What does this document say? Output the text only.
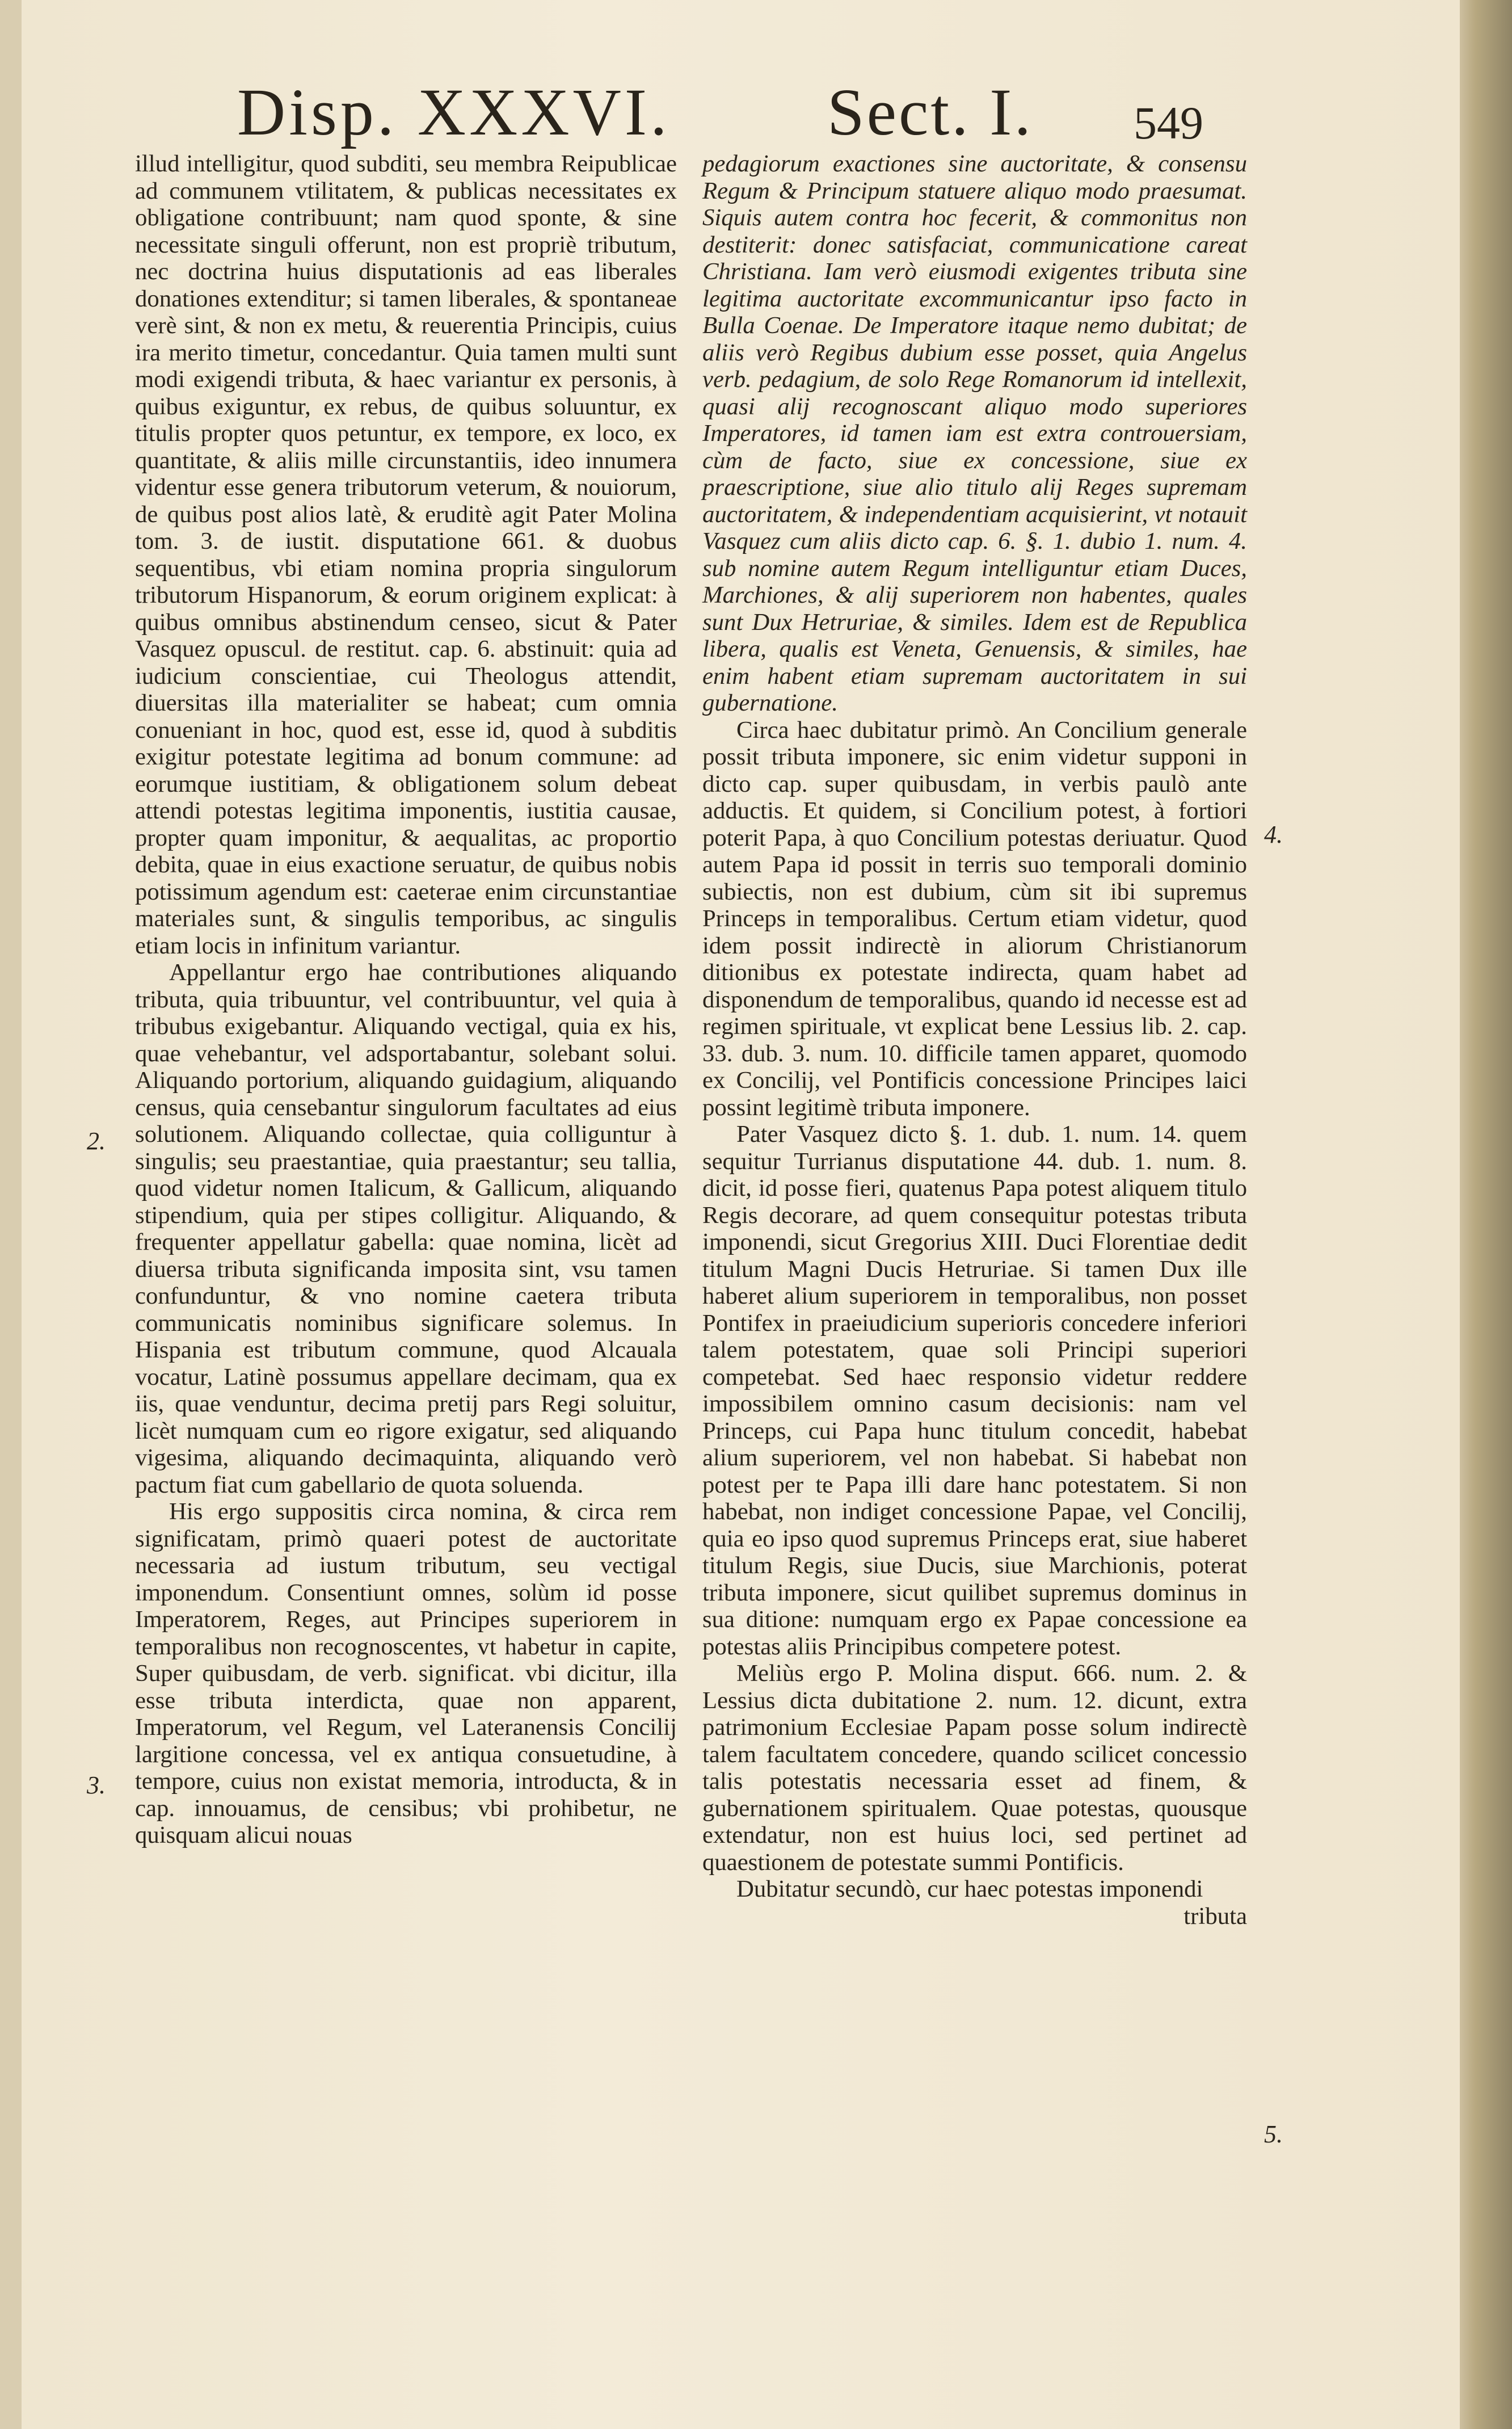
Disp. XXXVI. Sect. I. 549

illud intelligitur, quod subditi, seu membra Reipublicae ad communem vtilitatem, & publicas necessitates ex obligatione contribuunt; nam quod sponte, & sine necessitate singuli offerunt, non est propriè tributum, nec doctrina huius disputationis ad eas liberales donationes extenditur; si tamen liberales, & spontaneae verè sint, & non ex metu, & reuerentia Principis, cuius ira merito timetur, concedantur. Quia tamen multi sunt modi exigendi tributa, & haec variantur ex personis, à quibus exiguntur, ex rebus, de quibus soluuntur, ex titulis propter quos petuntur, ex tempore, ex loco, ex quantitate, & aliis mille circunstantiis, ideo innumera videntur esse genera tributorum veterum, & nouiorum, de quibus post alios latè, & eruditè agit Pater Molina tom. 3. de iustit. disputatione 661. & duobus sequentibus, vbi etiam nomina propria singulorum tributorum Hispanorum, & eorum originem explicat: à quibus omnibus abstinendum censeo, sicut & Pater Vasquez opuscul. de restitut. cap. 6. abstinuit: quia ad iudicium conscientiae, cui Theologus attendit, diuersitas illa materialiter se habeat; cum omnia conueniant in hoc, quod est, esse id, quod à subditis exigitur potestate legitima ad bonum commune: ad eorumque iustitiam, & obligationem solum debeat attendi potestas legitima imponentis, iustitia causae, propter quam imponitur, & aequalitas, ac proportio debita, quae in eius exactione seruatur, de quibus nobis potissimum agendum est: caeterae enim circunstantiae materiales sunt, & singulis temporibus, ac singulis etiam locis in infinitum variantur.

Appellantur ergo hae contributiones aliquando tributa, quia tribuuntur, vel contribuuntur, vel quia à tribubus exigebantur. Aliquando vectigal, quia ex his, quae vehebantur, vel adsportabantur, solebant solui. Aliquando portorium, aliquando guidagium, aliquando census, quia censebantur singulorum facultates ad eius solutionem. Aliquando collectae, quia colliguntur à singulis; seu praestantiae, quia praestantur; seu tallia, quod videtur nomen Italicum, & Gallicum, aliquando stipendium, quia per stipes colligitur. Aliquando, & frequenter appellatur gabella: quae nomina, licèt ad diuersa tributa significanda imposita sint, vsu tamen confunduntur, & vno nomine caetera tributa communicatis nominibus significare solemus. In Hispania est tributum commune, quod Alcauala vocatur, Latinè possumus appellare decimam, qua ex iis, quae venduntur, decima pretij pars Regi soluitur, licèt numquam cum eo rigore exigatur, sed aliquando vigesima, aliquando decimaquinta, aliquando verò pactum fiat cum gabellario de quota soluenda.

His ergo suppositis circa nomina, & circa rem significatam, primò quaeri potest de auctoritate necessaria ad iustum tributum, seu vectigal imponendum. Consentiunt omnes, solùm id posse Imperatorem, Reges, aut Principes superiorem in temporalibus non recognoscentes, vt habetur in capite, Super quibusdam, de verb. significat. vbi dicitur, illa esse tributa interdicta, quae non apparent, Imperatorum, vel Regum, vel Lateranensis Concilij largitione concessa, vel ex antiqua consuetudine, à tempore, cuius non existat memoria, introducta, & in cap. innouamus, de censibus; vbi prohibetur, ne quisquam alicui nouas

pedagiorum exactiones sine auctoritate, & consensu Regum & Principum statuere aliquo modo praesumat. Siquis autem contra hoc fecerit, & commonitus non destiterit: donec satisfaciat, communicatione careat Christiana. Iam verò eiusmodi exigentes tributa sine legitima auctoritate excommunicantur ipso facto in Bulla Coenae. De Imperatore itaque nemo dubitat; de aliis verò Regibus dubium esse posset, quia Angelus verb. pedagium, de solo Rege Romanorum id intellexit, quasi alij recognoscant aliquo modo superiores Imperatores, id tamen iam est extra controuersiam, cùm de facto, siue ex concessione, siue ex praescriptione, siue alio titulo alij Reges supremam auctoritatem, & independentiam acquisierint, vt notauit Vasquez cum aliis dicto cap. 6. §. 1. dubio 1. num. 4. sub nomine autem Regum intelliguntur etiam Duces, Marchiones, & alij superiorem non habentes, quales sunt Dux Hetruriae, & similes. Idem est de Republica libera, qualis est Veneta, Genuensis, & similes, hae enim habent etiam supremam auctoritatem in sui gubernatione.

Circa haec dubitatur primò. An Concilium generale possit tributa imponere, sic enim videtur supponi in dicto cap. super quibusdam, in verbis paulò ante adductis. Et quidem, si Concilium potest, à fortiori poterit Papa, à quo Concilium potestas deriuatur. Quod autem Papa id possit in terris suo temporali dominio subiectis, non est dubium, cùm sit ibi supremus Princeps in temporalibus. Certum etiam videtur, quod idem possit indirectè in aliorum Christianorum ditionibus ex potestate indirecta, quam habet ad disponendum de temporalibus, quando id necesse est ad regimen spirituale, vt explicat bene Lessius lib. 2. cap. 33. dub. 3. num. 10. difficile tamen apparet, quomodo ex Concilij, vel Pontificis concessione Principes laici possint legitimè tributa imponere.

Pater Vasquez dicto §. 1. dub. 1. num. 14. quem sequitur Turrianus disputatione 44. dub. 1. num. 8. dicit, id posse fieri, quatenus Papa potest aliquem titulo Regis decorare, ad quem consequitur potestas tributa imponendi, sicut Gregorius XIII. Duci Florentiae dedit titulum Magni Ducis Hetruriae. Si tamen Dux ille haberet alium superiorem in temporalibus, non posset Pontifex in praeiudicium superioris concedere inferiori talem potestatem, quae soli Principi superiori competebat. Sed haec responsio videtur reddere impossibilem omnino casum decisionis: nam vel Princeps, cui Papa hunc titulum concedit, habebat alium superiorem, vel non habebat. Si habebat non potest per te Papa illi dare hanc potestatem. Si non habebat, non indiget concessione Papae, vel Concilij, quia eo ipso quod supremus Princeps erat, siue haberet titulum Regis, siue Ducis, siue Marchionis, poterat tributa imponere, sicut quilibet supremus dominus in sua ditione: numquam ergo ex Papae concessione ea potestas aliis Principibus competere potest.

Meliùs ergo P. Molina disput. 666. num. 2. & Lessius dicta dubitatione 2. num. 12. dicunt, extra patrimonium Ecclesiae Papam posse solum indirectè talem facultatem concedere, quando scilicet concessio talis potestatis necessaria esset ad finem, & gubernationem spiritualem. Quae potestas, quousque extendatur, non est huius loci, sed pertinet ad quaestionem de potestate summi Pontificis.

Dubitatur secundò, cur haec potestas imponendi

tributa

2.
3.
4.
5.
